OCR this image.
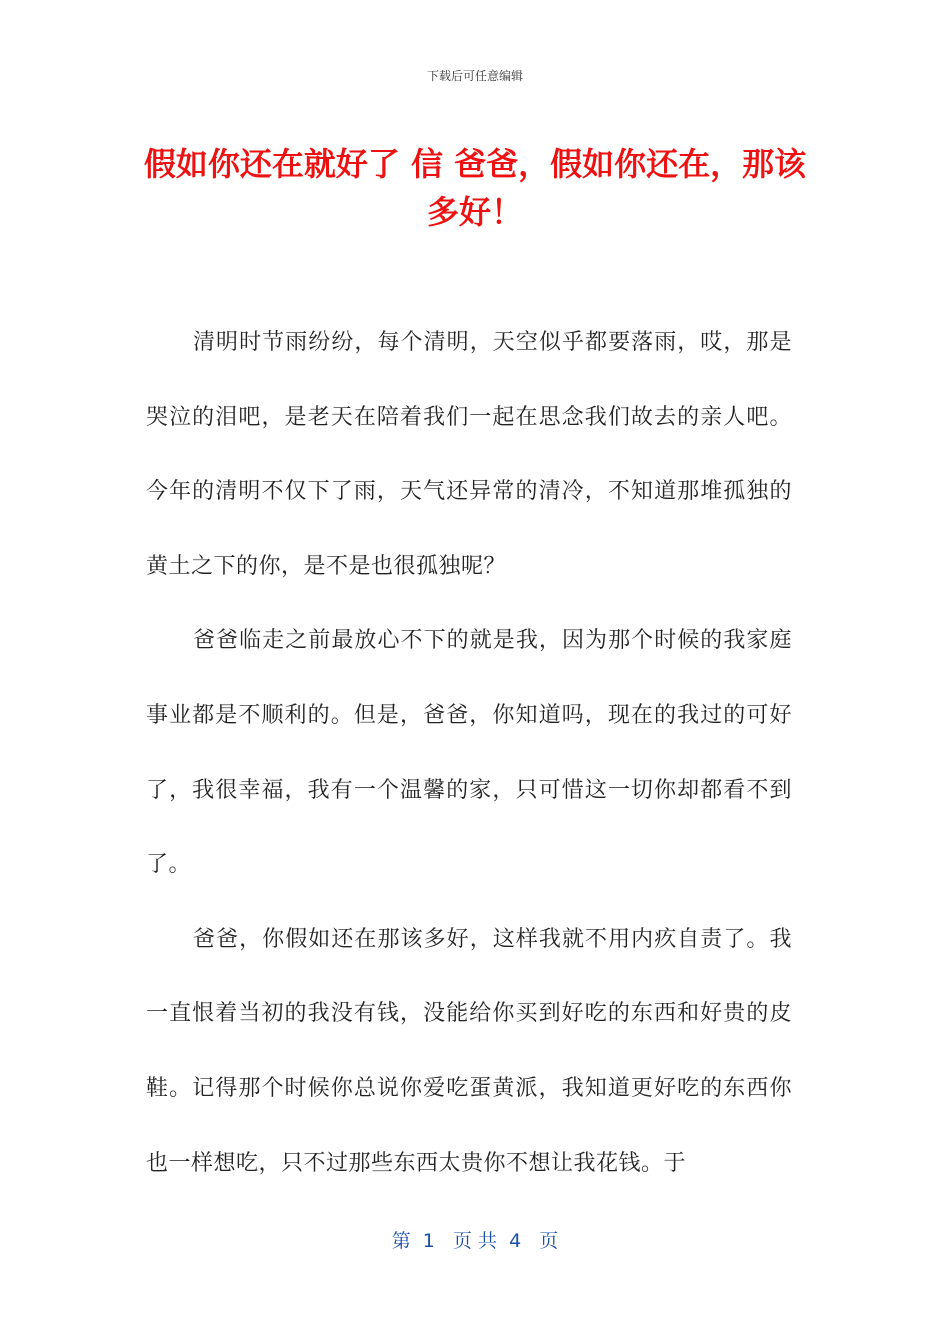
下载后可任意编辑
假如你还在就好了 信 爸爸，假如你还在，那该多好！

清明时节雨纷纷，每个清明，天空似乎都要落雨，哎，那是哭泣的泪吧，是老天在陪着我们一起在思念我们故去的亲人吧。今年的清明不仅下了雨，天气还异常的清冷，不知道那堆孤独的黄土之下的你，是不是也很孤独呢？

爸爸临走之前最放心不下的就是我，因为那个时候的我家庭事业都是不顺利的。但是，爸爸，你知道吗，现在的我过的可好了，我很幸福，我有一个温馨的家，只可惜这一切你却都看不到了。

爸爸，你假如还在那该多好，这样我就不用内疚自责了。我一直恨着当初的我没有钱，没能给你买到好吃的东西和好贵的皮鞋。记得那个时候你总说你爱吃蛋黄派，我知道更好吃的东西你也一样想吃，只不过那些东西太贵你不想让我花钱。于

第  1   页 共  4   页
